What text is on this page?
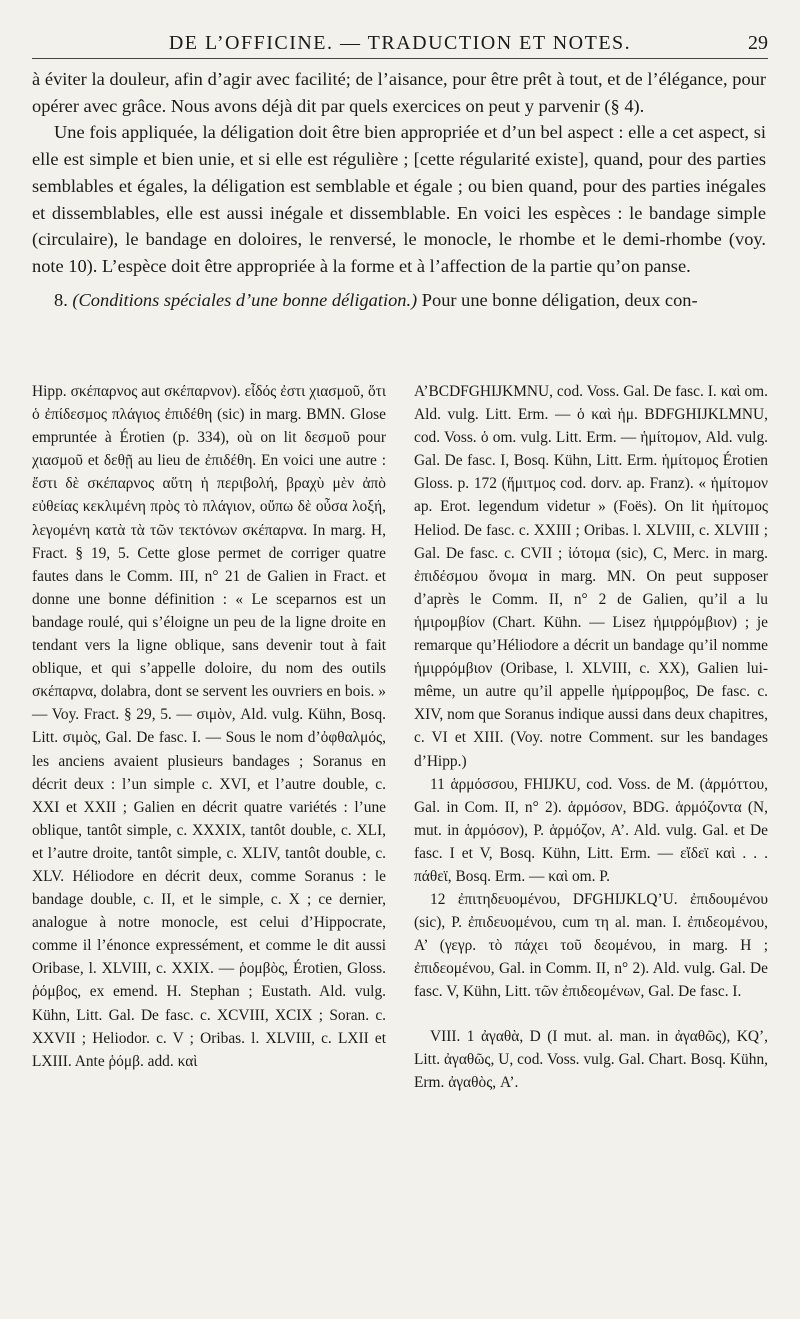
DE L’OFFICINE. — TRADUCTION ET NOTES.	29

à éviter la douleur, afin d’agir avec facilité; de l’aisance, pour être prêt à tout, et de l’élégance, pour opérer avec grâce. Nous avons déjà dit par quels exercices on peut y parvenir (§ 4).

Une fois appliquée, la déligation doit être bien appropriée et d’un bel aspect : elle a cet aspect, si elle est simple et bien unie, et si elle est régulière ; [cette régularité existe], quand, pour des parties semblables et égales, la déligation est semblable et égale ; ou bien quand, pour des parties inégales et dissemblables, elle est aussi inégale et dissemblable. En voici les espèces : le bandage simple (circulaire), le bandage en doloires, le renversé, le monocle, le rhombe et le demi-rhombe (voy. note 10). L’espèce doit être appropriée à la forme et à l’affection de la partie qu’on panse.

8. (Conditions spéciales d’une bonne déligation.) Pour une bonne déligation, deux con-

Hipp. σκέπαρνος aut σκέπαρνον). εἶδός ἐστι χιασμοῦ, ὅτι ὁ ἐπίδεσμος πλάγιος ἐπιδέθη (sic) in marg. BMN. Glose empruntée à Érotien (p. 334), où on lit δεσμοῦ pour χιασμοῦ et δεθῇ au lieu de ἐπιδέθη. En voici une autre : ἔστι δὲ σκέπαρνος αὕτη ἡ περιβολή, βραχὺ μὲν ἀπὸ εὐθείας κεκλιμένη πρὸς τὸ πλάγιον, οὔπω δὲ οὖσα λοξή, λεγομένη κατὰ τὰ τῶν τεκτόνων σκέπαρνα. In marg. H, Fract. § 19, 5. Cette glose permet de corriger quatre fautes dans le Comm. III, n° 21 de Galien in Fract. et donne une bonne définition : « Le sceparnos est un bandage roulé, qui s’éloigne un peu de la ligne droite en tendant vers la ligne oblique, sans devenir tout à fait oblique, et qui s’appelle doloire, du nom des outils σκέπαρνα, dolabra, dont se servent les ouvriers en bois. » — Voy. Fract. § 29, 5. — σιμὸν, Ald. vulg. Kühn, Bosq. Litt. σιμὸς, Gal. De fasc. I. — Sous le nom d’ὀφθαλμός, les anciens avaient plusieurs bandages ; Soranus en décrit deux : l’un simple c. XVI, et l’autre double, c. XXI et XXII ; Galien en décrit quatre variétés : l’une oblique, tantôt simple, c. XXXIX, tantôt double, c. XLI, et l’autre droite, tantôt simple, c. XLIV, tantôt double, c. XLV. Héliodore en décrit deux, comme Soranus : le bandage double, c. II, et le simple, c. X ; ce dernier, analogue à notre monocle, est celui d’Hippocrate, comme il l’énonce expressément, et comme le dit aussi Oribase, l. XLVIII, c. XXIX. — ῥομβὸς, Érotien, Gloss. ῥόμβος, ex emend. H. Stephan ; Eustath. Ald. vulg. Kühn, Litt. Gal. De fasc. c. XCVIII, XCIX ; Soran. c. XXVII ; Heliodor. c. V ; Oribas. l. XLVIII, c. LXII et LXIII. Ante ῥόμβ. add. καὶ

A’BCDFGHIJKMNU, cod. Voss. Gal. De fasc. I. καὶ om. Ald. vulg. Litt. Erm. — ὁ καὶ ἡμ. BDFGHIJKLMNU, cod. Voss. ὁ om. vulg. Litt. Erm. — ἡμίτομον, Ald. vulg. Gal. De fasc. I, Bosq. Kühn, Litt. Erm. ἡμίτομος Érotien Gloss. p. 172 (ἥμιτμος cod. dorv. ap. Franz). « ἡμίτομον ap. Erot. legendum videtur » (Foës). On lit ἡμίτομος Heliod. De fasc. c. XXIII ; Oribas. l. XLVIII, c. XLVIII ; Gal. De fasc. c. CVII ; ἰότομα (sic), C, Merc. in marg. ἐπιδέσμου ὄνομα in marg. MN. On peut supposer d’après le Comm. II, n° 2 de Galien, qu’il a lu ἡμιρομβίον (Chart. Kühn. — Lisez ἡμιρρόμβιον) ; je remarque qu’Héliodore a décrit un bandage qu’il nomme ἡμιρρόμβιον (Oribase, l. XLVIII, c. XX), Galien lui-même, un autre qu’il appelle ἡμίρρομβος, De fasc. c. XIV, nom que Soranus indique aussi dans deux chapitres, c. VI et XIII. (Voy. notre Comment. sur les bandages d’Hipp.)

11 ἁρμόσσου, FHIJKU, cod. Voss. de M. (ἁρμόττου, Gal. in Com. II, n° 2). ἁρμόσον, BDG. ἁρμόζοντα (N, mut. in ἁρμόσον), P. ἁρμόζον, A’. Ald. vulg. Gal. et De fasc. I et V, Bosq. Kühn, Litt. Erm. — εἴδεϊ καὶ . . . πάθεϊ, Bosq. Erm. — καὶ om. P.

12 ἐπιτηδευομένου, DFGHIJKLQ’U. ἐπιδουμένου (sic), P. ἐπιδευομένου, cum τη al. man. I. ἐπιδεομένου, A’ (γεγρ. τὸ πάχει τοῦ δεομένου, in marg. H ; ἐπιδεομένου, Gal. in Comm. II, n° 2). Ald. vulg. Gal. De fasc. V, Kühn, Litt. τῶν ἐπιδεομένων, Gal. De fasc. I.

VIII. 1 ἀγαθὰ, D (I mut. al. man. in ἀγαθῶς), KQ’, Litt. ἀγαθῶς, U, cod. Voss. vulg. Gal. Chart. Bosq. Kühn, Erm. ἀγαθὸς, A’.
